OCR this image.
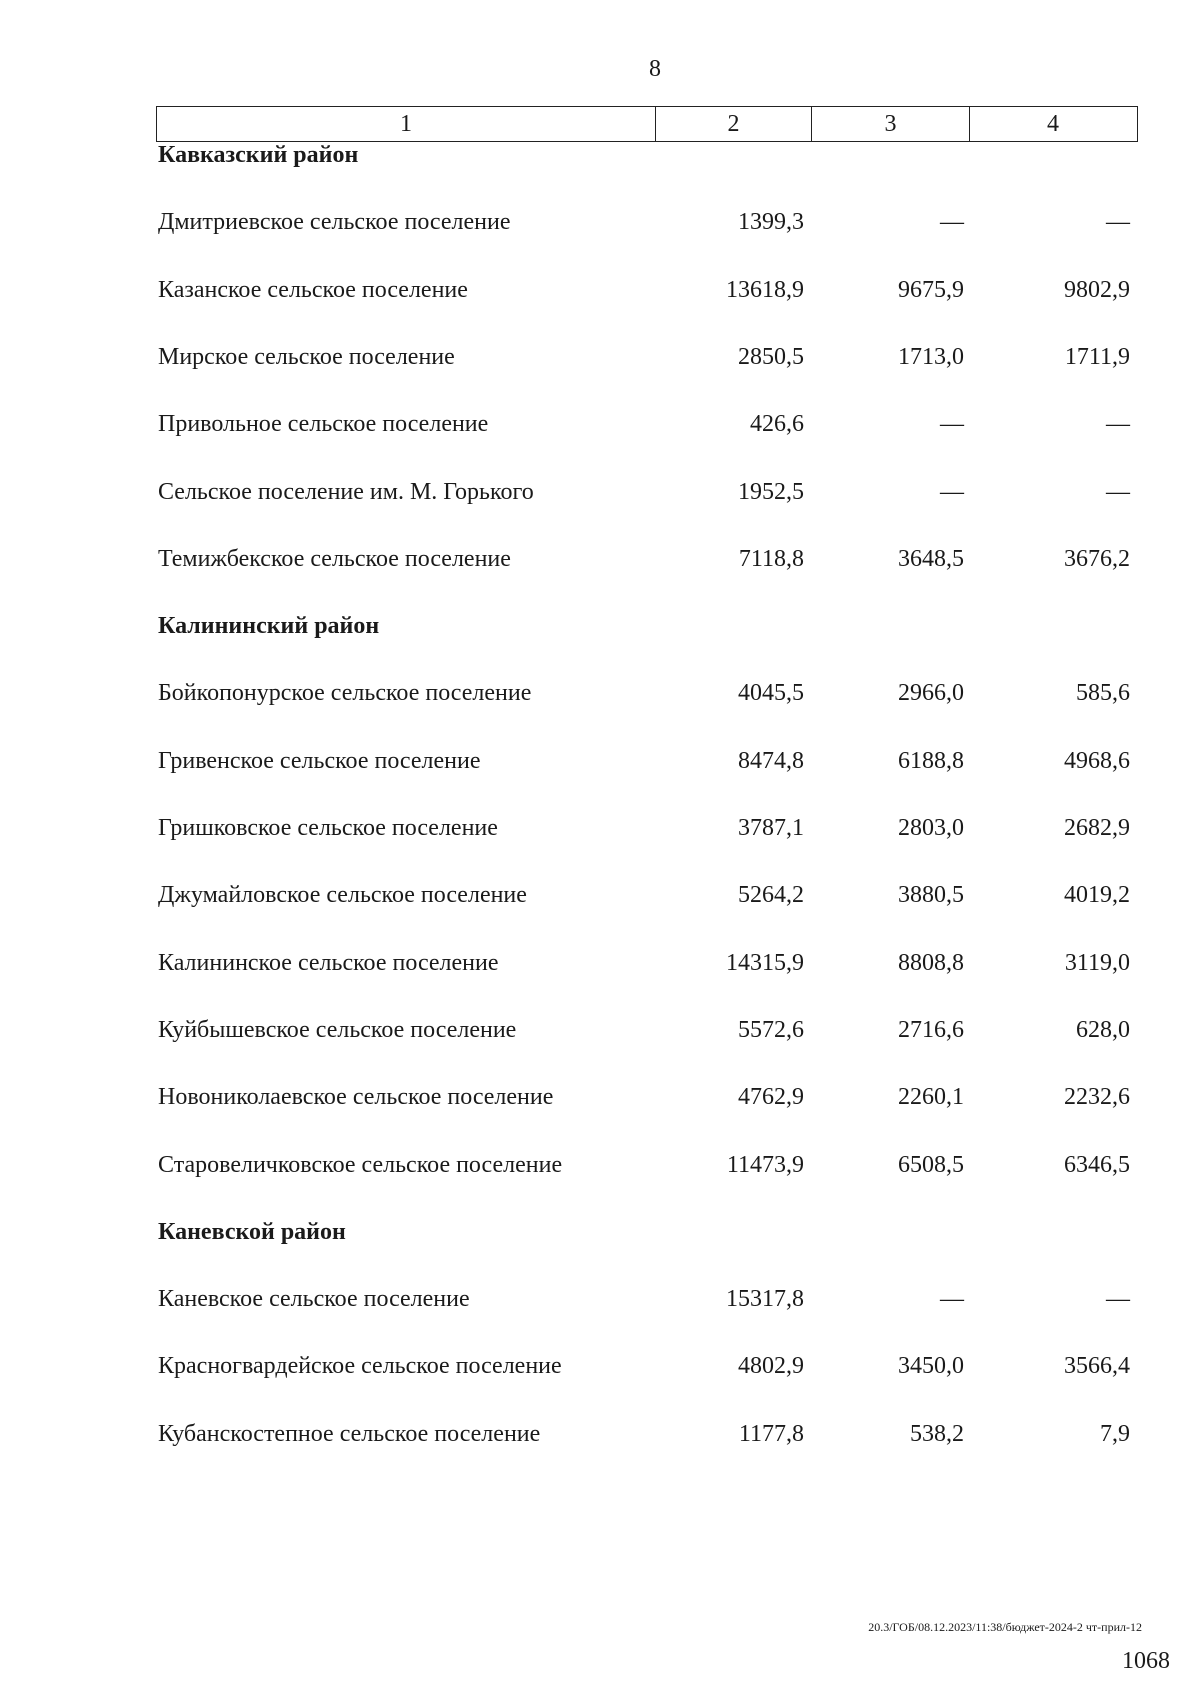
8
1	2	3	4
Кавказский район
Дмитриевское сельское поселение	1399,3	—	—
Казанское сельское поселение	13618,9	9675,9	9802,9
Мирское сельское поселение	2850,5	1713,0	1711,9
Привольное сельское поселение	426,6	—	—
Сельское поселение им. М. Горького	1952,5	—	—
Темижбекское сельское поселение	7118,8	3648,5	3676,2
Калининский район
Бойкопонурское сельское поселение	4045,5	2966,0	585,6
Гривенское сельское поселение	8474,8	6188,8	4968,6
Гришковское сельское поселение	3787,1	2803,0	2682,9
Джумайловское сельское поселение	5264,2	3880,5	4019,2
Калининское сельское поселение	14315,9	8808,8	3119,0
Куйбышевское сельское поселение	5572,6	2716,6	628,0
Новониколаевское сельское поселение	4762,9	2260,1	2232,6
Старовеличковское сельское поселение	11473,9	6508,5	6346,5
Каневской район
Каневское сельское поселение	15317,8	—	—
Красногвардейское сельское поселение	4802,9	3450,0	3566,4
Кубанскостепное сельское поселение	1177,8	538,2	7,9
20.3/ГОБ/08.12.2023/11:38/бюджет-2024-2 чт-прил-12
1068
